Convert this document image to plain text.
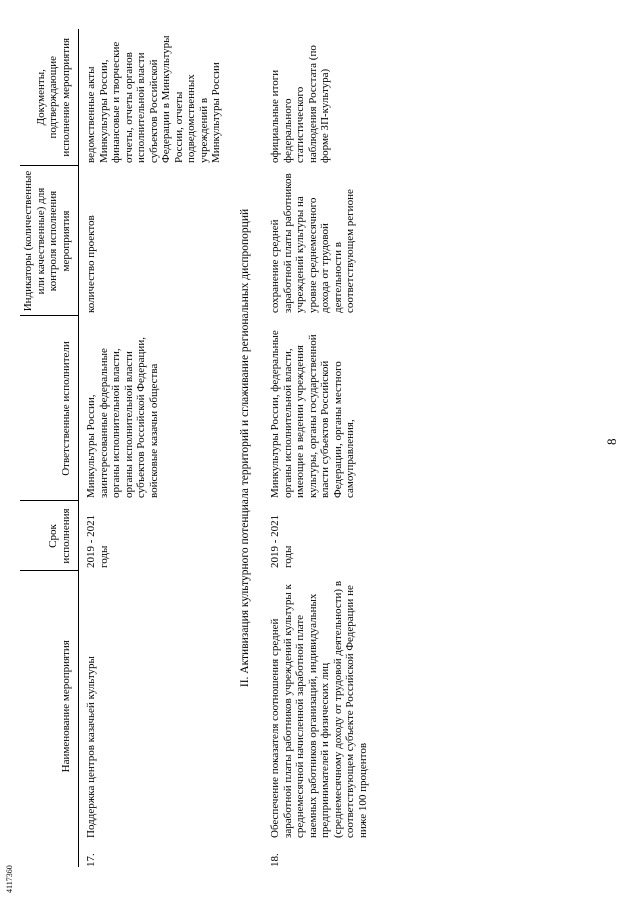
8
4117360
	Наименование мероприятия	Срок исполнения	Ответственные исполнители	Индикаторы (количественные или качественные) для контроля исполнения мероприятия	Документы, подтверждающие исполнение мероприятия
17.	Поддержка центров казачьей культуры	2019 - 2021 годы	Минкультуры России, заинтересованные федеральные органы исполнительной власти, органы исполнительной власти субъектов Российской Федерации, войсковые казачьи общества	количество проектов	ведомственные акты Минкультуры России, финансовые и творческие отчеты, отчеты органов исполнительной власти субъектов Российской Федерации в Минкультуры России, отчеты подведомственных учреждений в Минкультуры России
II. Активизация культурного потенциала территорий и сглаживание региональных диспропорций					
18.	Обеспечение показателя соотношения средней заработной платы работников учреждений культуры к среднемесячной начисленной заработной плате наемных работников организаций, индивидуальных предпринимателей и физических лиц (среднемесячному доходу от трудовой деятельности) в соответствующем субъекте Российской Федерации не ниже 100 процентов	2019 - 2021 годы	Минкультуры России, федеральные органы исполнительной власти, имеющие в ведении учреждения культуры, органы государственной власти субъектов Российской Федерации, органы местного самоуправления,	сохранение средней заработной платы работников учреждений культуры на уровне среднемесячного дохода от трудовой деятельности в соответствующем регионе	официальные итоги федерального статистического наблюдения Росстата (по форме ЗП-культура)
